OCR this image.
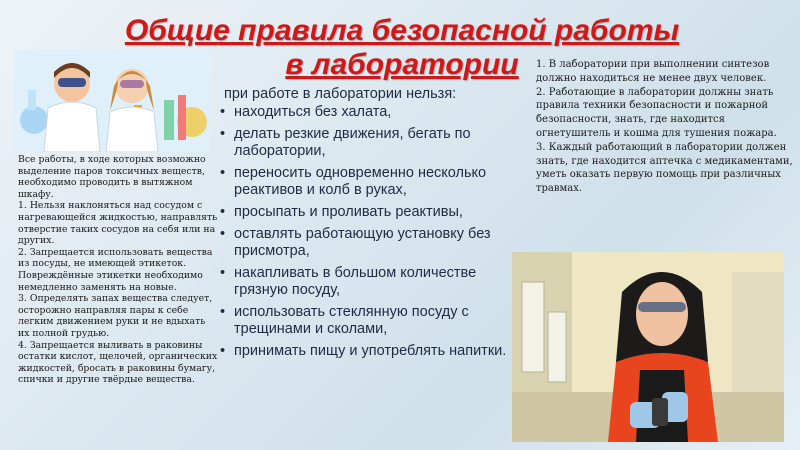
Общие правила безопасной работы в лаборатории

Все работы, в ходе которых возможно выделение паров токсичных веществ, необходимо проводить в вытяжном шкафу.

1. Нельзя наклоняться над сосудом с нагревающейся жидкостью, направлять отверстие таких сосудов на себя или на других.

2. Запрещается использовать вещества из посуды, не имеющей этикеток. Повреждённые этикетки необходимо немедленно заменять на новые.

3. Определять запах вещества следует, осторожно направляя пары к себе легким движением руки и не вдыхать их полной грудью.

4. Запрещается выливать в раковины остатки кислот, щелочей, органических жидкостей, бросать в раковины бумагу, спички и другие твёрдые вещества.

при работе в лаборатории нельзя:

• находиться без халата,
• делать резкие движения, бегать по лаборатории,
• переносить одновременно несколько реактивов и колб в руках,
• просыпать и проливать реактивы,
• оставлять работающую установку без присмотра,
• накапливать в большом количестве грязную посуду,
• использовать стеклянную посуду с трещинами и сколами,
• принимать пищу и употреблять напитки.

1. В лаборатории при выполнении синтезов должно находиться не менее двух человек.

2. Работающие в лаборатории должны знать правила техники безопасности и пожарной безопасности, знать, где находится огнетушитель и кошма для тушения пожара.

3. Каждый работающий в лаборатории должен знать, где находится аптечка с медикаментами, уметь оказать первую помощь при различных травмах.
